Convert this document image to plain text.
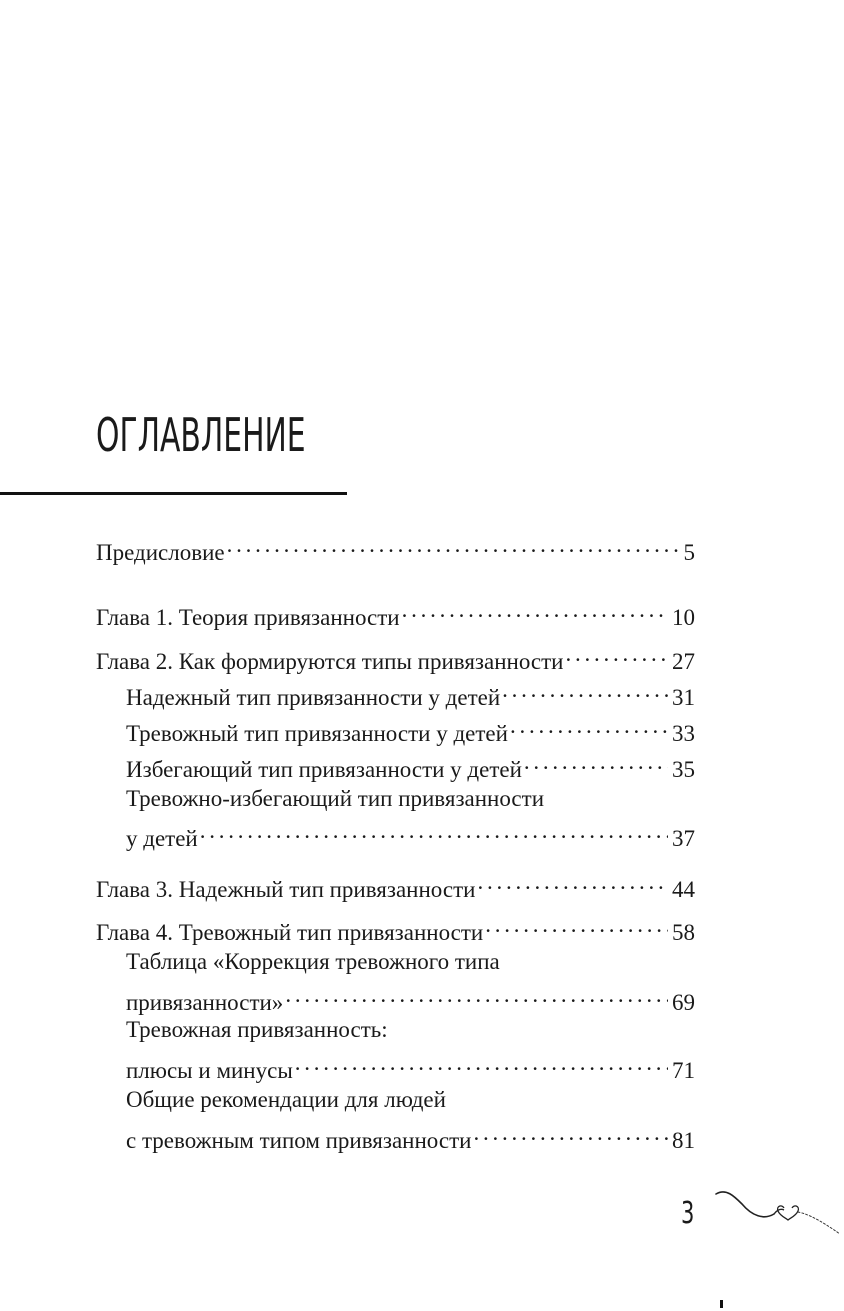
ОГЛАВЛЕНИЕ
Предисловие . . .	5
Глава 1. Теория привязанности . . .	10
Глава 2. Как формируются типы привязанности . . .	27
Надежный тип привязанности у детей . . .	31
Тревожный тип привязанности у детей . . .	33
Избегающий тип привязанности у детей . . .	35
Тревожно-избегающий тип привязанности
у детей . . .	37
Глава 3. Надежный тип привязанности . . .	44
Глава 4. Тревожный тип привязанности . . .	58
Таблица «Коррекция тревожного типа
привязанности» . . .	69
Тревожная привязанность:
плюсы и минусы . . .	71
Общие рекомендации для людей
с тревожным типом привязанности . . .	81
3
